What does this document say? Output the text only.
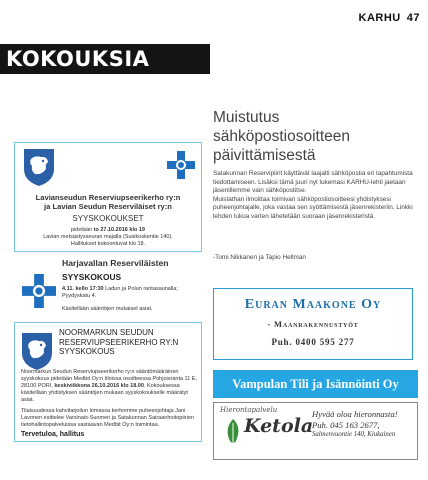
KARHU 47
KOKOUKSIA
Lavianseudun Reserviupseerikerho ry:n
ja Lavian Seudun Reserviläiset ry:n
SYYSKOKOUKSET
pidetään to 27.10.2016 klo 19
Lavian metsästysseuran majalla (Susikoskentie 140).
Hallitukset kokoontuvat klo 18.
Harjavallan Reserviläisten
SYYSKOKOUS
4.11. kello 17:30 Ladun ja Polun rantasaunalla; Pyydyskatu 4.
Käsitellään sääntöjen mukaiset asiat.
NOORMARKUN SEUDUN
RESERVIUPSEERIKERHO RY:N
SYYSKOKOUS
Noormarkun Seudun Reserviupseerikerho ry:n sääntömääräinen syyskokous pidetään Medbit Oy:n tiloissa osoitteessa Pohjoisranta 11 E, 28100 PORI, keskiviikkona 26.10.2016 klo 18.00. Kokouksessa käsitellään yhdistyksen sääntöjen mukaan syyskokoukselle määrätyt asiat.
Tilaisuudessa kahvitarjoilun lomassa kerhomme puheenjohtaja Jani Lavonen esittelee Varsinais-Suomen ja Satakunnan Sairaanhoitopiirien tietohallintopalveluissa vastaavan Medbit Oy:n toimintaa.
Tervetuloa, hallitus
Muistutus
sähköpostiosoitteen
päivittämisestä
Satakunnan Reservipiirit käyttävät laajalti sähköpostia eri tapahtumista tiedottamiseen. Lisäksi tämä juuri nyt lukemasi KARHU-lehti jaetaan jäsenillemme vain sähköpostitse.
Muistathan ilmoittaa toimivan sähköpostiosoitteesi yhdistyksesi puheenjohtajalle, joka vastaa sen syöttämisestä jäsenrekisteriin. Linkki lehden lukua varten lähetetään suoraan jäsenrekisteristä.
-Tomi Nikkanen ja Tapio Hellman
Euran Maakone Oy
- Maanrakennustyöt
Puh. 0400 595 277
Vampulan Tili ja Isännöinti Oy
Hierontapalvelu
Ketola
Hyvää oloa hieronnasta!
Puh. 045 163 2677,
Salmenvuontie 140, Kiukainen
